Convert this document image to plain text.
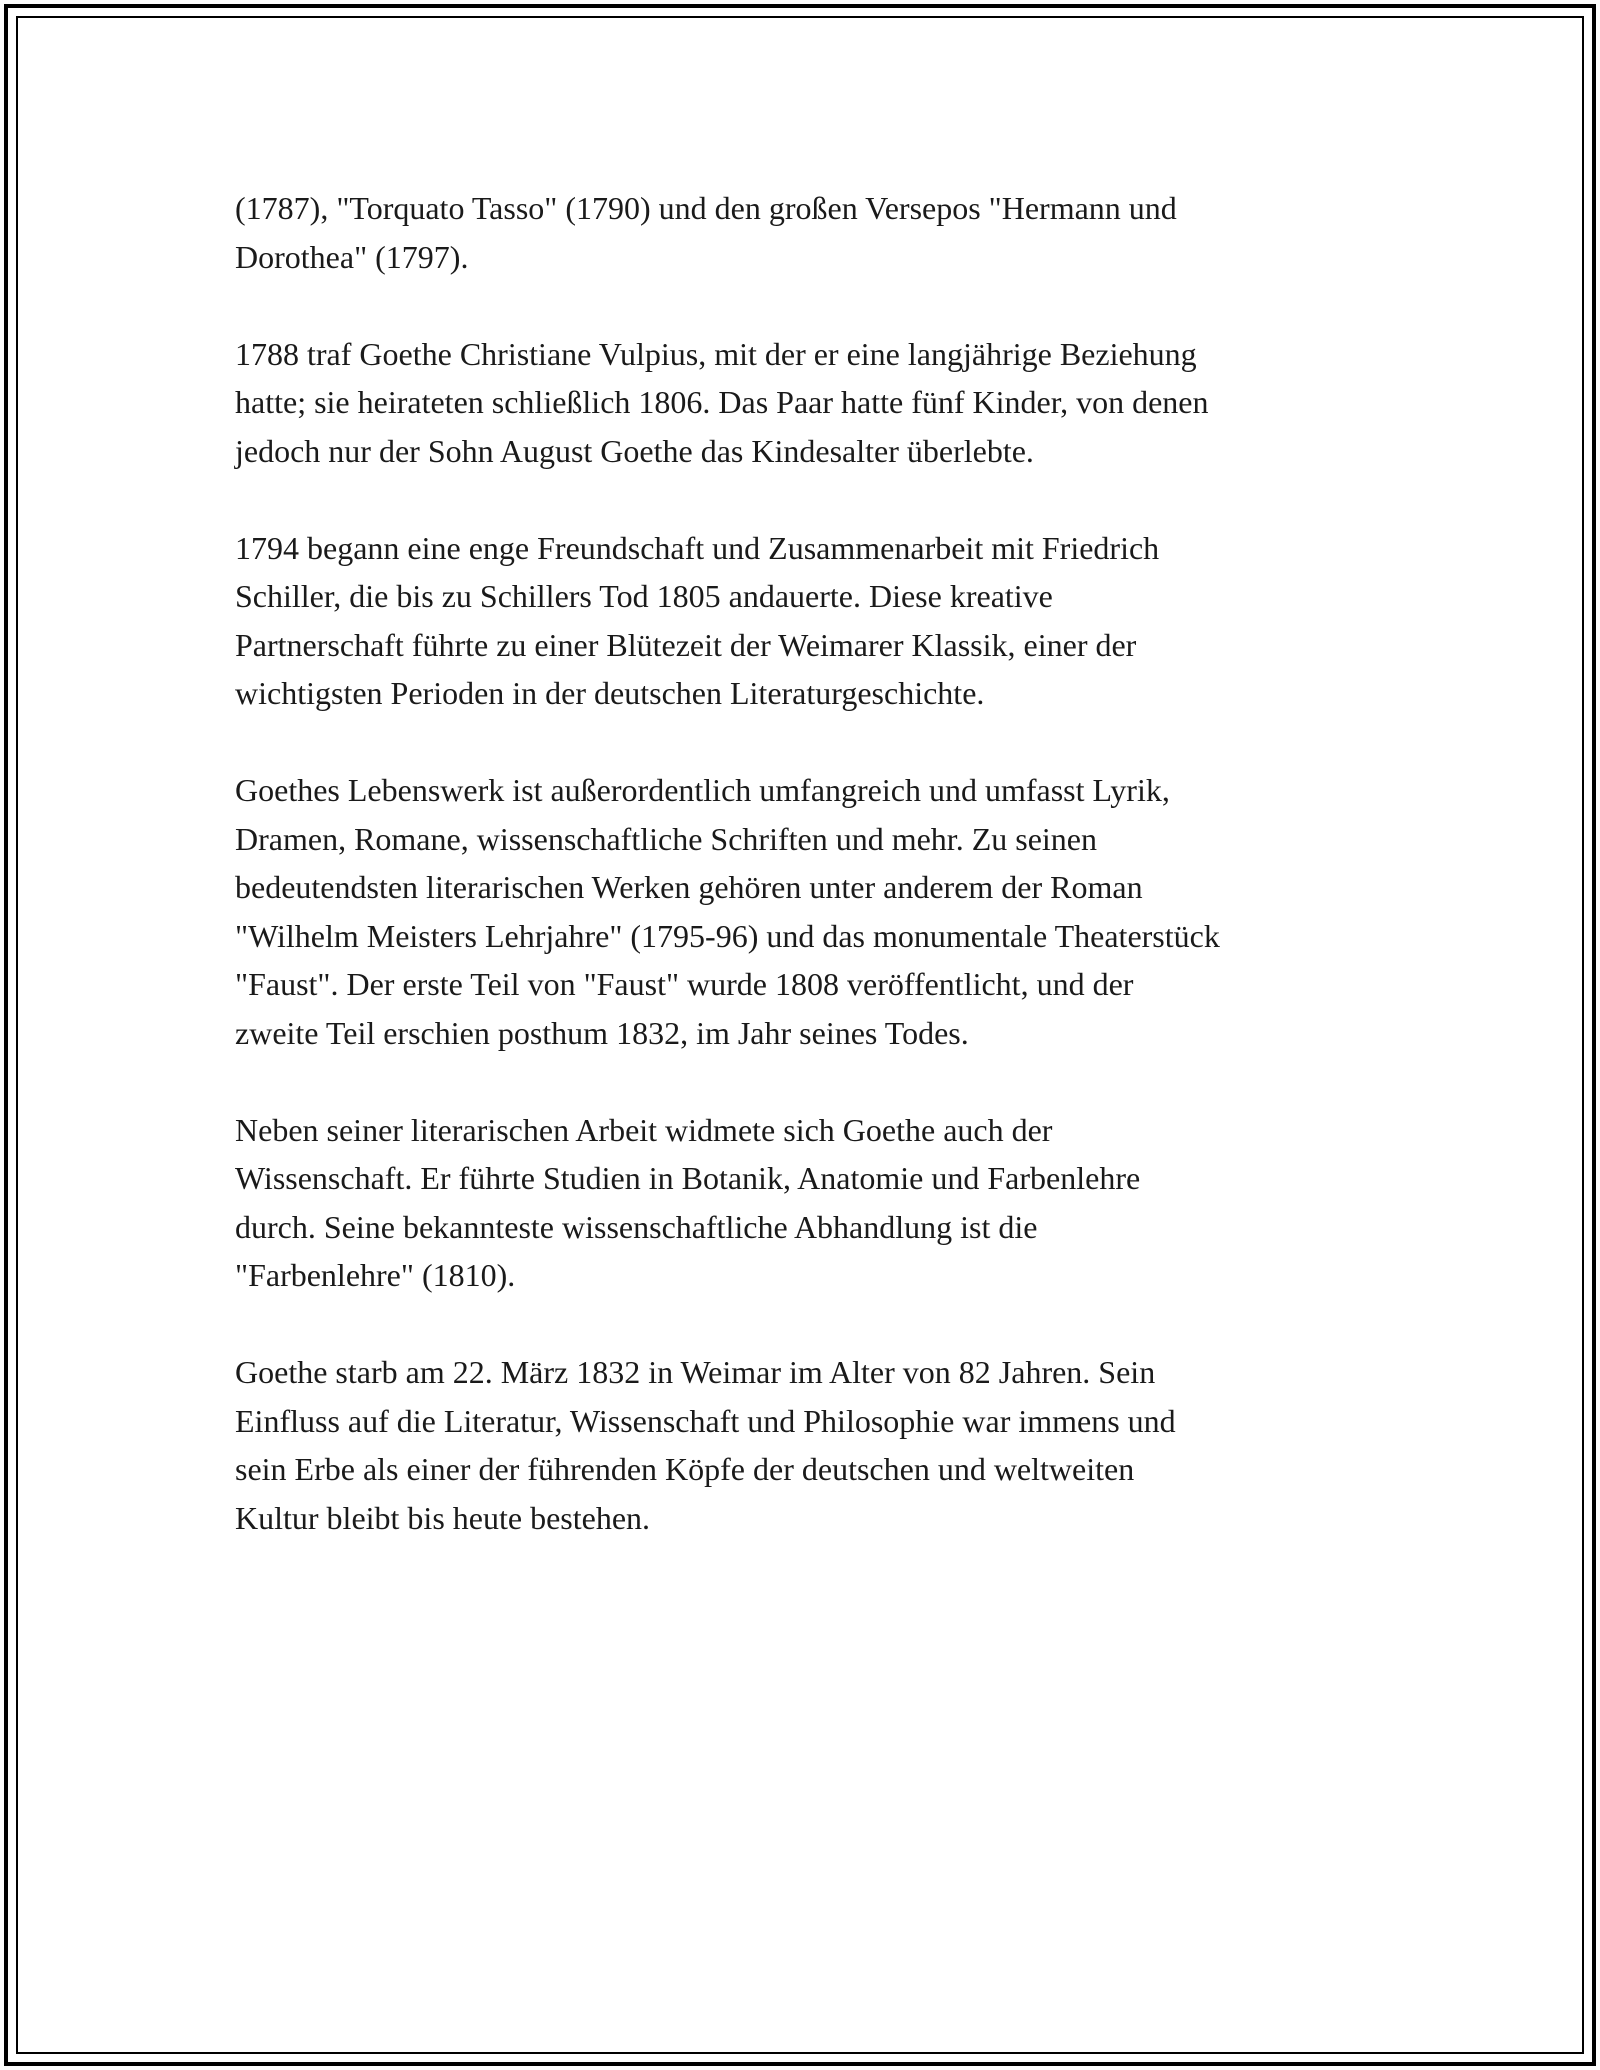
(1787), "Torquato Tasso" (1790) und den großen Versepos "Hermann und
Dorothea" (1797).

1788 traf Goethe Christiane Vulpius, mit der er eine langjährige Beziehung
hatte; sie heirateten schließlich 1806. Das Paar hatte fünf Kinder, von denen
jedoch nur der Sohn August Goethe das Kindesalter überlebte.

1794 begann eine enge Freundschaft und Zusammenarbeit mit Friedrich
Schiller, die bis zu Schillers Tod 1805 andauerte. Diese kreative
Partnerschaft führte zu einer Blütezeit der Weimarer Klassik, einer der
wichtigsten Perioden in der deutschen Literaturgeschichte.

Goethes Lebenswerk ist außerordentlich umfangreich und umfasst Lyrik,
Dramen, Romane, wissenschaftliche Schriften und mehr. Zu seinen
bedeutendsten literarischen Werken gehören unter anderem der Roman
"Wilhelm Meisters Lehrjahre" (1795-96) und das monumentale Theaterstück
"Faust". Der erste Teil von "Faust" wurde 1808 veröffentlicht, und der
zweite Teil erschien posthum 1832, im Jahr seines Todes.

Neben seiner literarischen Arbeit widmete sich Goethe auch der
Wissenschaft. Er führte Studien in Botanik, Anatomie und Farbenlehre
durch. Seine bekannteste wissenschaftliche Abhandlung ist die
"Farbenlehre" (1810).

Goethe starb am 22. März 1832 in Weimar im Alter von 82 Jahren. Sein
Einfluss auf die Literatur, Wissenschaft und Philosophie war immens und
sein Erbe als einer der führenden Köpfe der deutschen und weltweiten
Kultur bleibt bis heute bestehen.
